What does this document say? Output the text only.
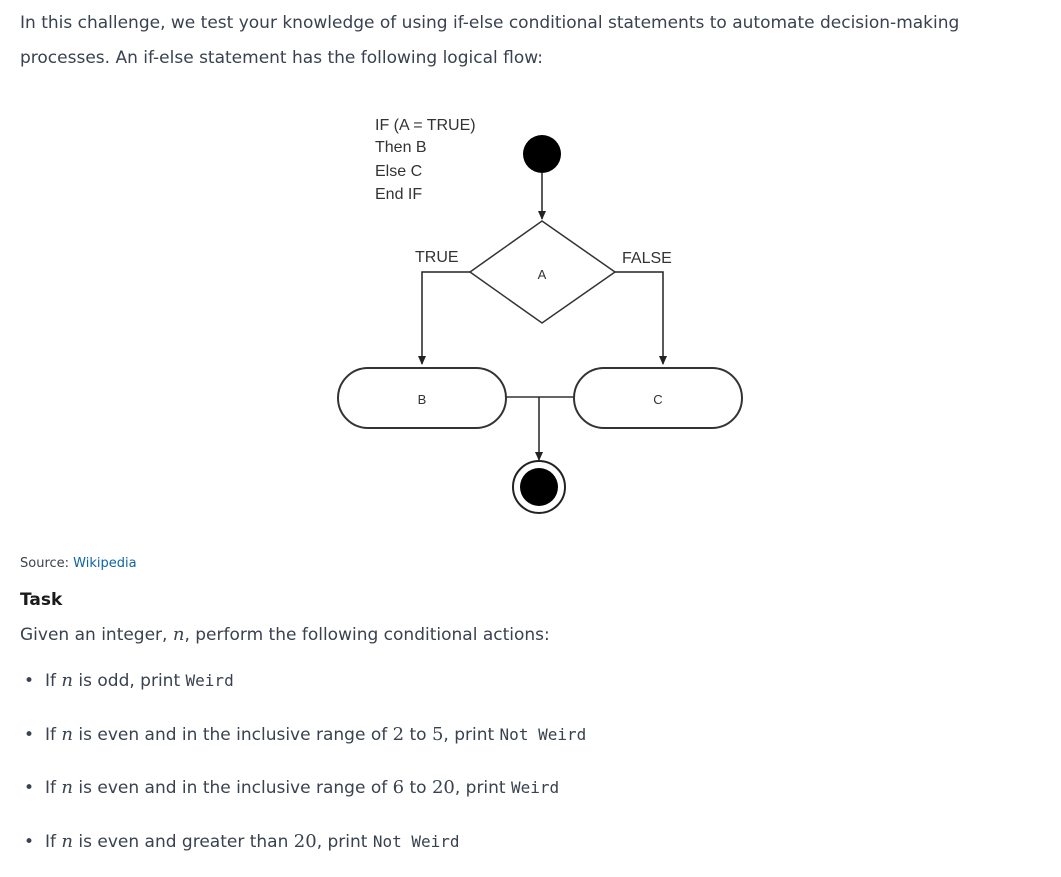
In this challenge, we test your knowledge of using if-else conditional statements to automate decision-making processes. An if-else statement has the following logical flow:

IF (A = TRUE)
Then B
Else C
End IF
A
TRUE	FALSE
B	C
Source: Wikipedia
Task

Given an integer, n, perform the following conditional actions:

• If n is odd, print Weird

• If n is even and in the inclusive range of 2 to 5, print Not Weird

• If n is even and in the inclusive range of 6 to 20, print Weird

• If n is even and greater than 20, print Not Weird
